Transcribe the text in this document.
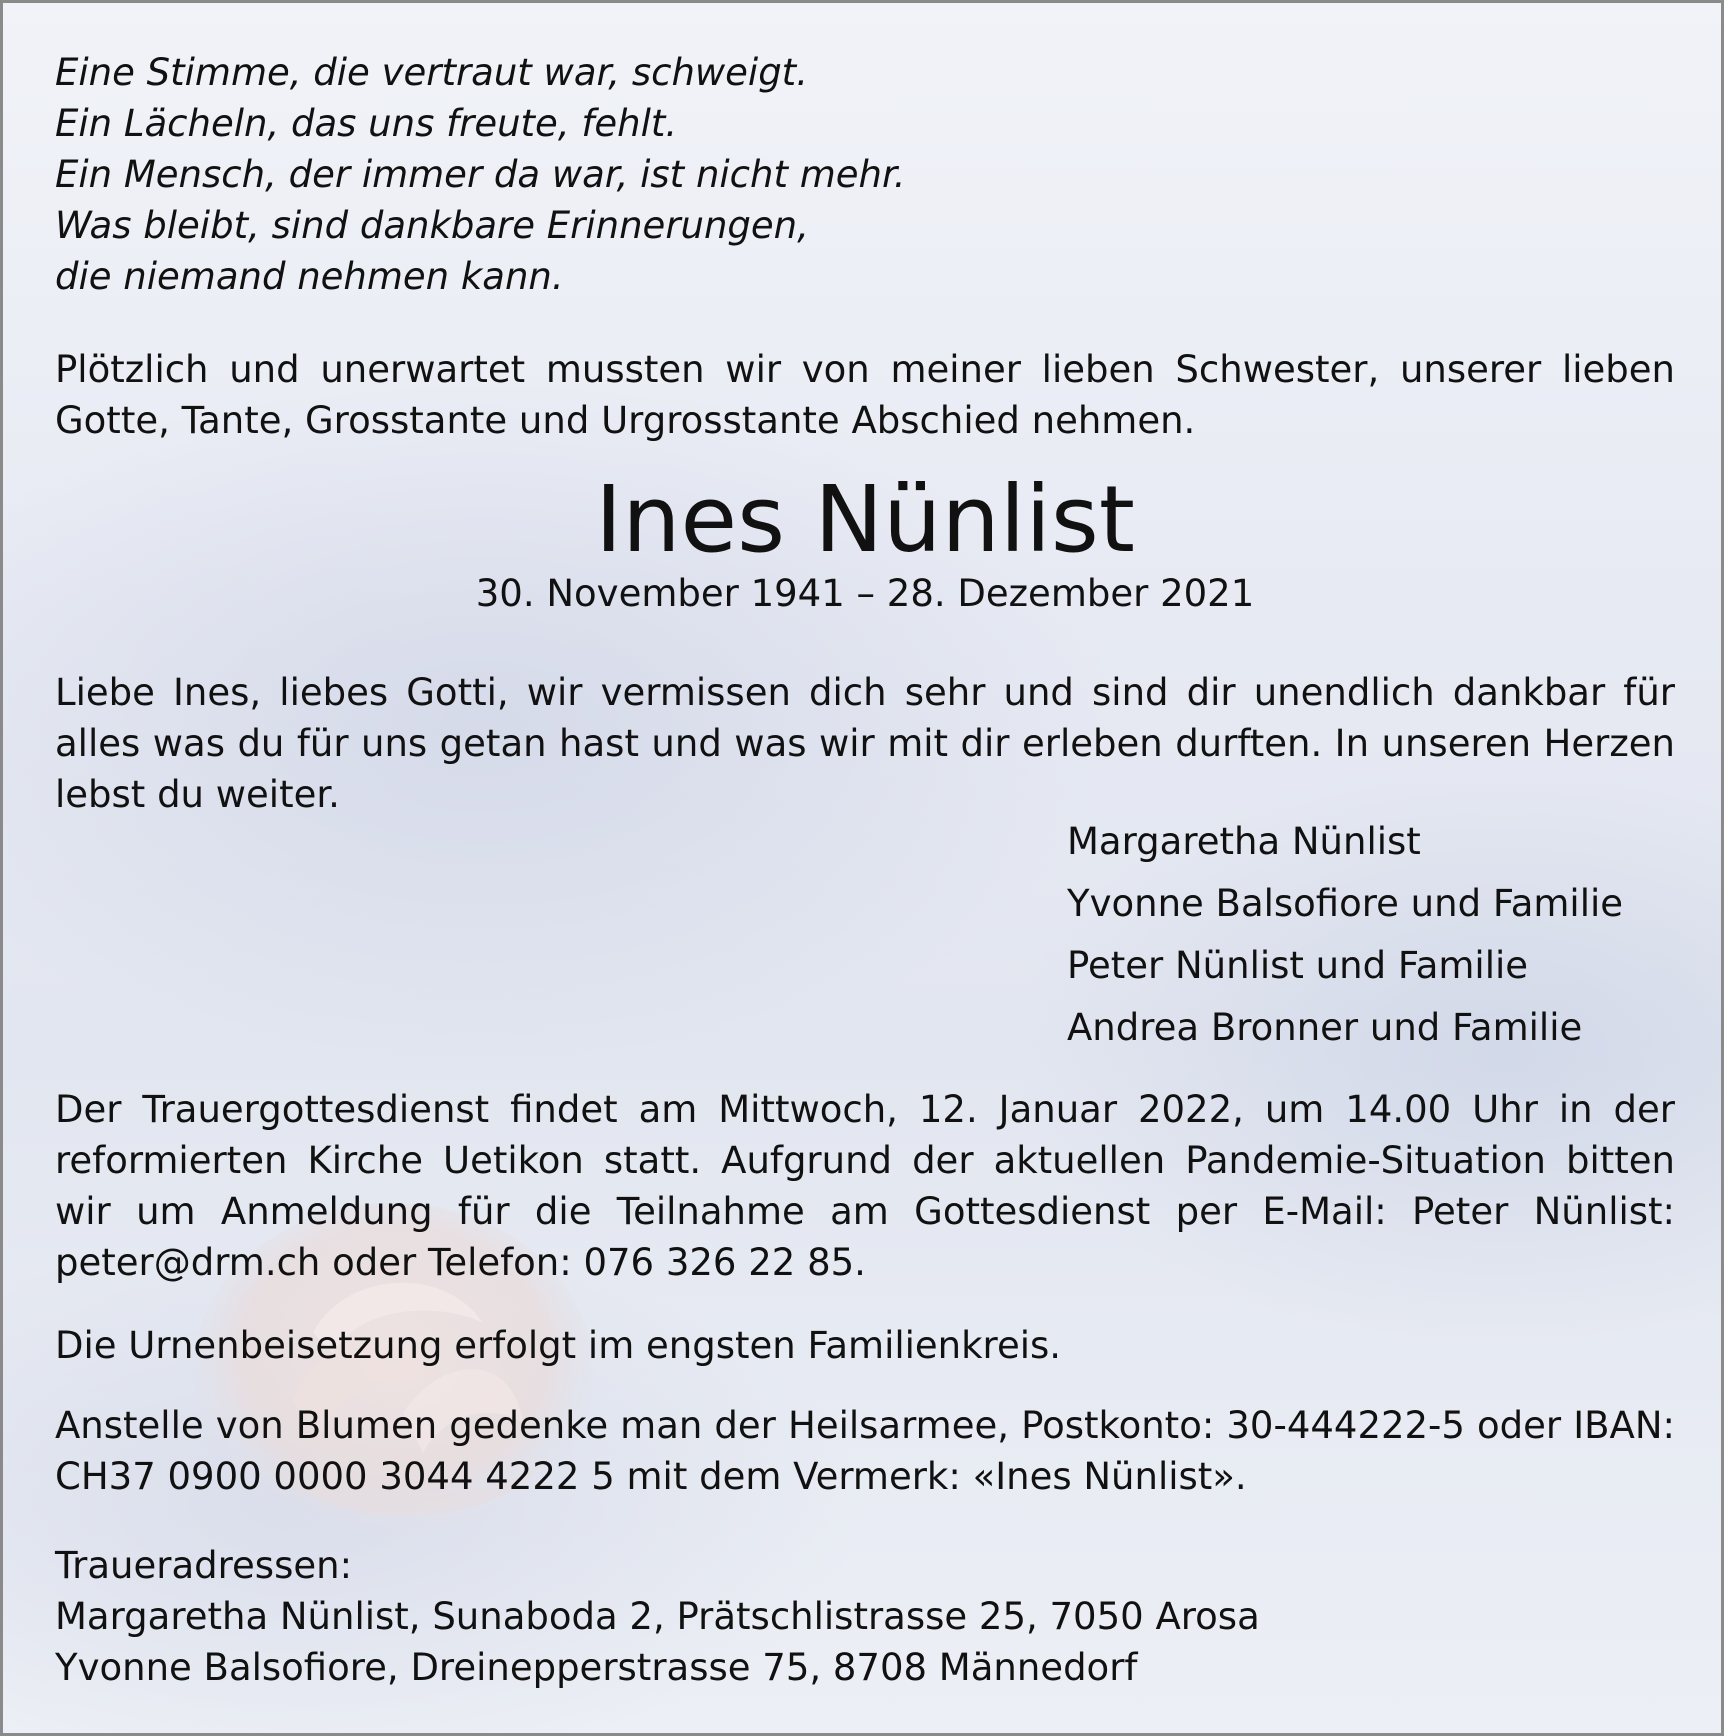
Eine Stimme, die vertraut war, schweigt.
Ein Lächeln, das uns freute, fehlt.
Ein Mensch, der immer da war, ist nicht mehr.
Was bleibt, sind dankbare Erinnerungen,
die niemand nehmen kann.
Plötzlich und unerwartet mussten wir von meiner lieben Schwester, unserer lieben Gotte, Tante, Grosstante und Urgrosstante Abschied nehmen.
Ines Nünlist
30. November 1941 – 28. Dezember 2021
Liebe Ines, liebes Gotti, wir vermissen dich sehr und sind dir unendlich dankbar für alles was du für uns getan hast und was wir mit dir erleben durften. In unseren Herzen lebst du weiter.
Margaretha Nünlist
Yvonne Balsofiore und Familie
Peter Nünlist und Familie
Andrea Bronner und Familie
Der Trauergottesdienst findet am Mittwoch, 12. Januar 2022, um 14.00 Uhr in der reformierten Kirche Uetikon statt. Aufgrund der aktuellen Pandemie-Situation bitten wir um Anmeldung für die Teilnahme am Gottesdienst per E-Mail: Peter Nünlist: peter@drm.ch oder Telefon: 076 326 22 85.
Die Urnenbeisetzung erfolgt im engsten Familienkreis.
Anstelle von Blumen gedenke man der Heilsarmee, Postkonto: 30-444222-5 oder IBAN: CH37 0900 0000 3044 4222 5 mit dem Vermerk: «Ines Nünlist».
Traueradressen:
Margaretha Nünlist, Sunaboda 2, Prätschlistrasse 25, 7050 Arosa
Yvonne Balsofiore, Dreinepperstrasse 75, 8708 Männedorf
